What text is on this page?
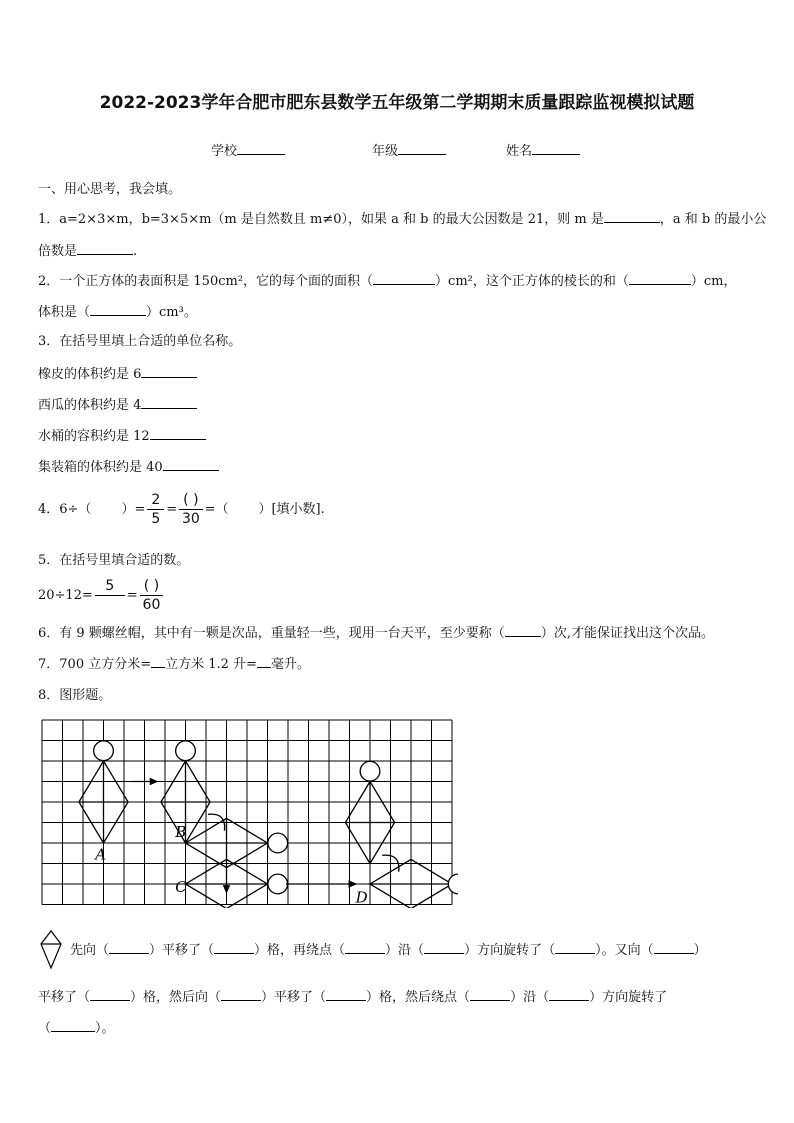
2022-2023学年合肥市肥东县数学五年级第二学期期末质量跟踪监视模拟试题
学校	年级	姓名
一、用心思考，我会填。
1．a=2×3×m，b=3×5×m（m 是自然数且 m≠0），如果 a 和 b 的最大公因数是 21，则 m 是	，a 和 b 的最小公
倍数是	.
2．一个正方体的表面积是 150cm²，它的每个面的面积（	）cm²，这个正方体的棱长的和（	）cm，
体积是（	）cm³。
3．在括号里填上合适的单位名称。
橡皮的体积约是 6
西瓜的体积约是 4
水桶的容积约是 12
集装箱的体积约是 40
4．6÷（ ）= $\frac{2}{5} = \frac{( )}{30}$ =（ ）[填小数].
5．在括号里填合适的数。
20÷12=
5

= $\frac{( )}{60}$
6．有 9 颗螺丝帽，其中有一颗是次品，重量轻一些，现用一台天平，至少要称（	）次,才能保证找出这个次品。
7．700 立方分米= 立方米 1.2 升= 毫升。
8．图形题。
A
B
C
D
先向（	）平移了（	）格，再绕点（	）沿（	）方向旋转了（	）。又向（	）
平移了（	）格，然后向（	）平移了（	）格，然后绕点（	）沿（	）方向旋转了
（	）。
